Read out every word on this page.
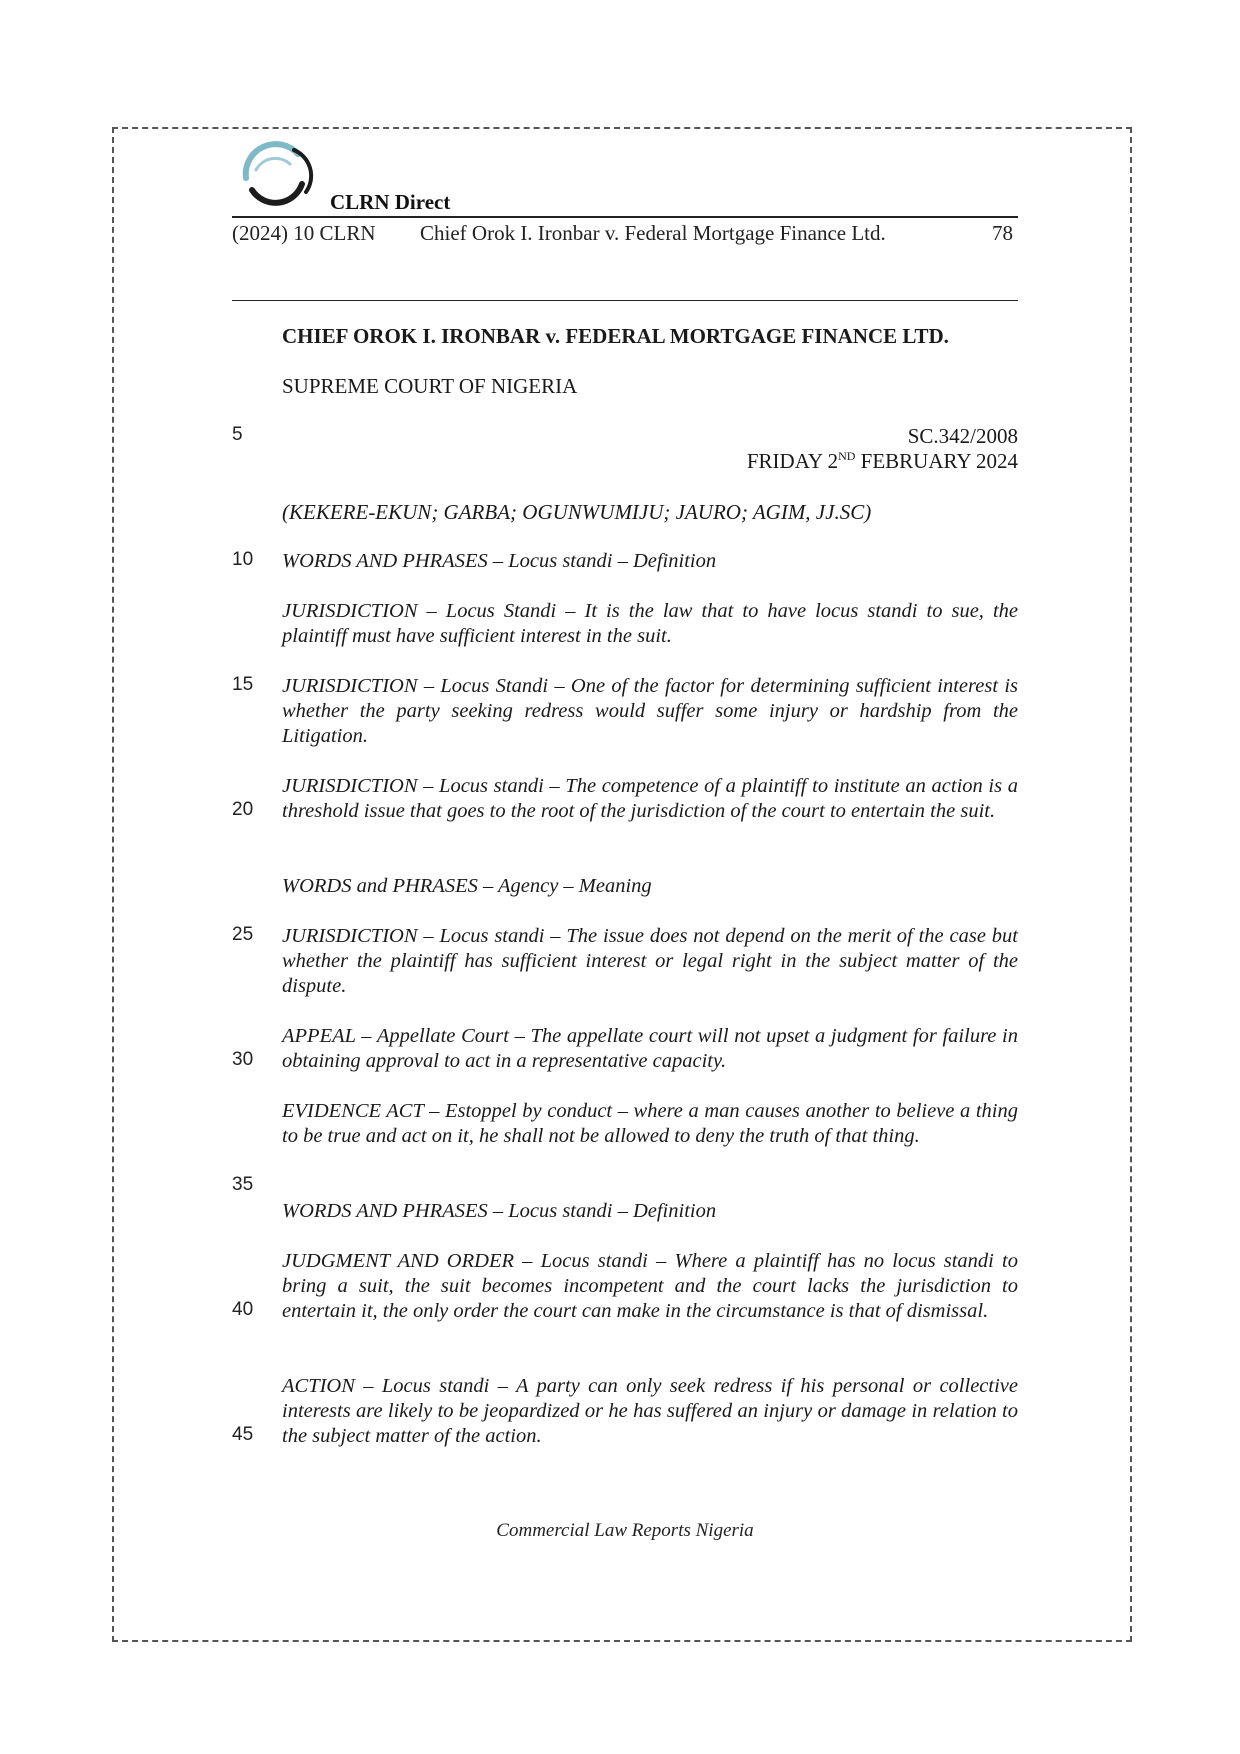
CLRN Direct
(2024) 10 CLRN Chief Orok I. Ironbar v. Federal Mortgage Finance Ltd.	78
CHIEF OROK I. IRONBAR v. FEDERAL MORTGAGE FINANCE LTD.
SUPREME COURT OF NIGERIA
SC.342/2008
FRIDAY 2ND FEBRUARY 2024
(KEKERE-EKUN; GARBA; OGUNWUMIJU; JAURO; AGIM, JJ.SC)
5
10
15
20
25
30
35
40
45
WORDS AND PHRASES – Locus standi – Definition
JURISDICTION – Locus Standi – It is the law that to have locus standi to sue, the plaintiff must have sufficient interest in the suit.
JURISDICTION – Locus Standi – One of the factor for determining sufficient interest is whether the party seeking redress would suffer some injury or hardship from the Litigation.
JURISDICTION – Locus standi – The competence of a plaintiff to institute an action is a threshold issue that goes to the root of the jurisdiction of the court to entertain the suit.
WORDS and PHRASES – Agency – Meaning
JURISDICTION – Locus standi – The issue does not depend on the merit of the case but whether the plaintiff has sufficient interest or legal right in the subject matter of the dispute.
APPEAL – Appellate Court – The appellate court will not upset a judgment for failure in obtaining approval to act in a representative capacity.
EVIDENCE ACT – Estoppel by conduct – where a man causes another to believe a thing to be true and act on it, he shall not be allowed to deny the truth of that thing.
WORDS AND PHRASES – Locus standi – Definition
JUDGMENT AND ORDER – Locus standi – Where a plaintiff has no locus standi to bring a suit, the suit becomes incompetent and the court lacks the jurisdiction to entertain it, the only order the court can make in the circumstance is that of dismissal.
ACTION – Locus standi – A party can only seek redress if his personal or collective interests are likely to be jeopardized or he has suffered an injury or damage in relation to the subject matter of the action.
Commercial Law Reports Nigeria
